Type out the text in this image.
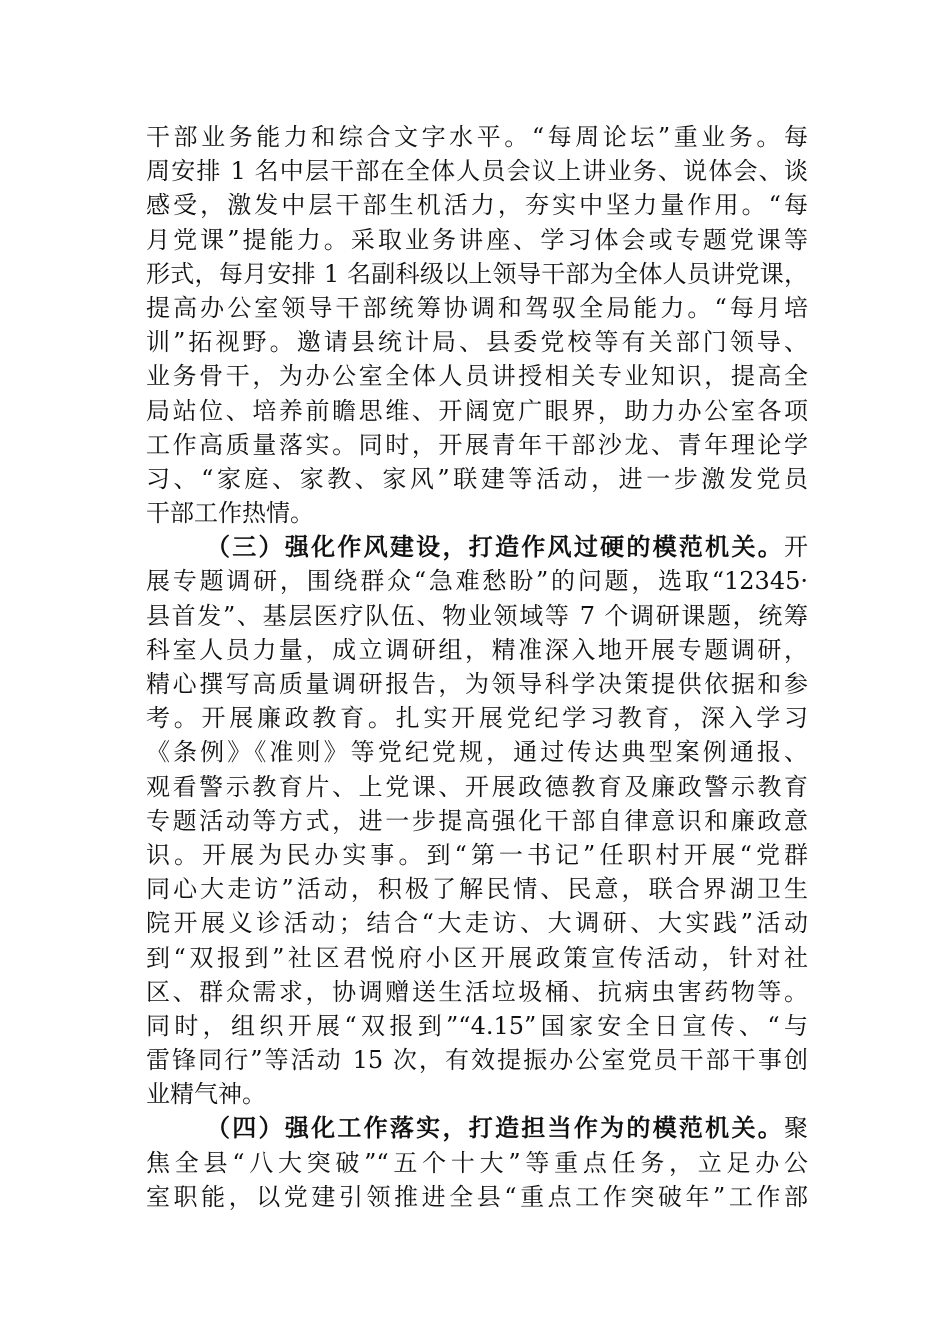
干部业务能力和综合文字水平。“每周论坛”重业务。每
周安排 1 名中层干部在全体人员会议上讲业务、说体会、谈
感受，激发中层干部生机活力，夯实中坚力量作用。“每
月党课”提能力。采取业务讲座、学习体会或专题党课等
形式，每月安排 1 名副科级以上领导干部为全体人员讲党课，
提高办公室领导干部统筹协调和驾驭全局能力。“每月培
训”拓视野。邀请县统计局、县委党校等有关部门领导、
业务骨干，为办公室全体人员讲授相关专业知识，提高全
局站位、培养前瞻思维、开阔宽广眼界，助力办公室各项
工作高质量落实。同时，开展青年干部沙龙、青年理论学
习、“家庭、家教、家风”联建等活动，进一步激发党员
干部工作热情。
（三）强化作风建设，打造作风过硬的模范机关。开
展专题调研，围绕群众“急难愁盼”的问题，选取“12345·
县首发”、基层医疗队伍、物业领域等 7 个调研课题，统筹
科室人员力量，成立调研组，精准深入地开展专题调研，
精心撰写高质量调研报告，为领导科学决策提供依据和参
考。开展廉政教育。扎实开展党纪学习教育，深入学习
《条例》《准则》等党纪党规，通过传达典型案例通报、
观看警示教育片、上党课、开展政德教育及廉政警示教育
专题活动等方式，进一步提高强化干部自律意识和廉政意
识。开展为民办实事。到“第一书记”任职村开展“党群
同心大走访”活动，积极了解民情、民意，联合界湖卫生
院开展义诊活动；结合“大走访、大调研、大实践”活动
到“双报到”社区君悦府小区开展政策宣传活动，针对社
区、群众需求，协调赠送生活垃圾桶、抗病虫害药物等。
同时，组织开展“双报到”“4.15”国家安全日宣传、“与
雷锋同行”等活动 15 次，有效提振办公室党员干部干事创
业精气神。
（四）强化工作落实，打造担当作为的模范机关。聚
焦全县“八大突破”“五个十大”等重点任务，立足办公
室职能，以党建引领推进全县“重点工作突破年”工作部
